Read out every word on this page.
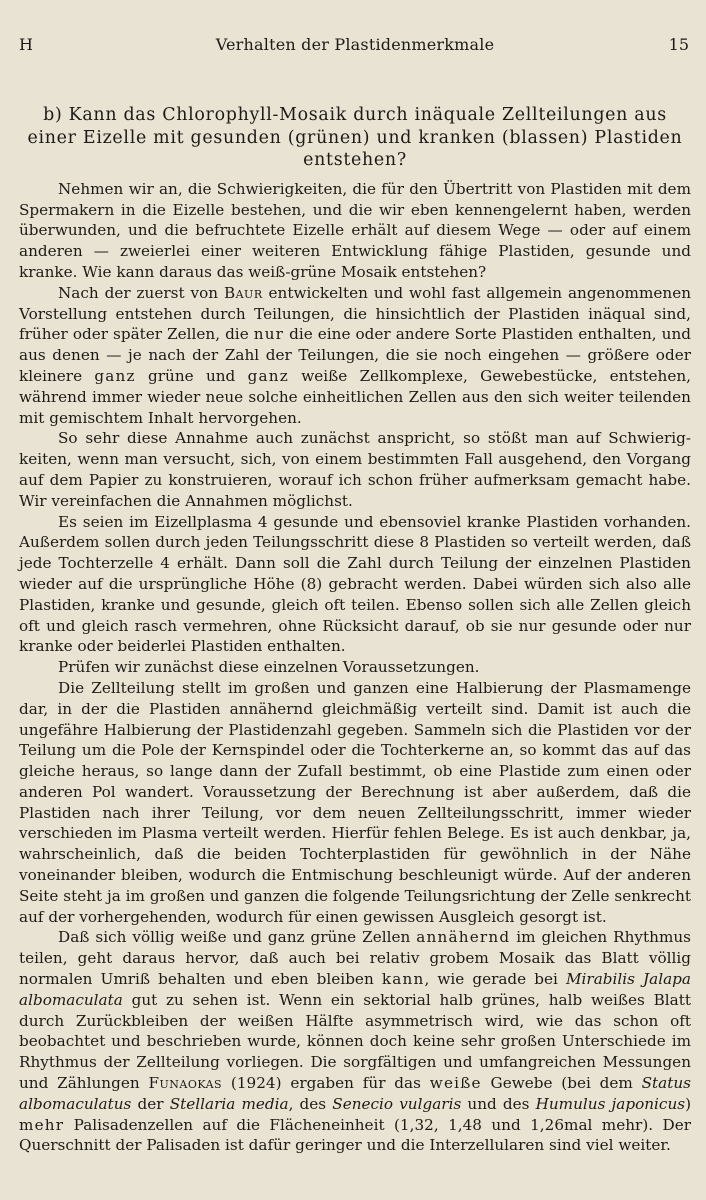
H	Verhalten der Plastidenmerkmale	15
b) Kann das Chlorophyll-Mosaik durch inäquale Zellteilungen aus einer Eizelle mit gesunden (grünen) und kranken (blassen) Plastiden entstehen?

Nehmen wir an, die Schwierigkeiten, die für den Übertritt von Plastiden mit dem Spermakern in die Eizelle bestehen, und die wir eben kennengelernt haben, werden überwunden, und die befruchtete Eizelle erhält auf diesem Wege — oder auf einem anderen — zweierlei einer weiteren Entwicklung fähige Plastiden, gesunde und kranke. Wie kann daraus das weiß-grüne Mosaik entstehen?

Nach der zuerst von Baur entwickelten und wohl fast allgemein angenommenen Vorstellung entstehen durch Teilungen, die hinsichtlich der Plastiden inäqual sind, früher oder später Zellen, die nur die eine oder andere Sorte Plastiden enthalten, und aus denen — je nach der Zahl der Teilungen, die sie noch eingehen — größere oder kleinere ganz grüne und ganz weiße Zellkomplexe, Gewebestücke, entstehen, während immer wieder neue solche einheitlichen Zellen aus den sich weiter teilenden mit gemischtem Inhalt hervorgehen.

So sehr diese Annahme auch zunächst anspricht, so stößt man auf Schwierigkeiten, wenn man versucht, sich, von einem bestimmten Fall ausgehend, den Vorgang auf dem Papier zu konstruieren, worauf ich schon früher aufmerksam gemacht habe. Wir vereinfachen die Annahmen möglichst.

Es seien im Eizellplasma 4 gesunde und ebensoviel kranke Plastiden vorhanden. Außerdem sollen durch jeden Teilungsschritt diese 8 Plastiden so verteilt werden, daß jede Tochterzelle 4 erhält. Dann soll die Zahl durch Teilung der einzelnen Plastiden wieder auf die ursprüngliche Höhe (8) gebracht werden. Dabei würden sich also alle Plastiden, kranke und gesunde, gleich oft teilen. Ebenso sollen sich alle Zellen gleich oft und gleich rasch vermehren, ohne Rücksicht darauf, ob sie nur gesunde oder nur kranke oder beiderlei Plastiden enthalten.

Prüfen wir zunächst diese einzelnen Voraussetzungen.

Die Zellteilung stellt im großen und ganzen eine Halbierung der Plasmamenge dar, in der die Plastiden annähernd gleichmäßig verteilt sind. Damit ist auch die ungefähre Halbierung der Plastidenzahl gegeben. Sammeln sich die Plastiden vor der Teilung um die Pole der Kernspindel oder die Tochterkerne an, so kommt das auf das gleiche heraus, so lange dann der Zufall bestimmt, ob eine Plastide zum einen oder anderen Pol wandert. Voraussetzung der Berechnung ist aber außerdem, daß die Plastiden nach ihrer Teilung, vor dem neuen Zellteilungsschritt, immer wieder verschieden im Plasma verteilt werden. Hierfür fehlen Belege. Es ist auch denkbar, ja, wahrscheinlich, daß die beiden Tochterplastiden für gewöhnlich in der Nähe voneinander bleiben, wodurch die Entmischung beschleunigt würde. Auf der anderen Seite steht ja im großen und ganzen die folgende Teilungsrichtung der Zelle senkrecht auf der vorhergehenden, wodurch für einen gewissen Ausgleich gesorgt ist.

Daß sich völlig weiße und ganz grüne Zellen annähernd im gleichen Rhythmus teilen, geht daraus hervor, daß auch bei relativ grobem Mosaik das Blatt völlig normalen Umriß behalten und eben bleiben kann, wie gerade bei Mirabilis Jalapa albomaculata gut zu sehen ist. Wenn ein sektorial halb grünes, halb weißes Blatt durch Zurückbleiben der weißen Hälfte asymmetrisch wird, wie das schon oft beobachtet und beschrieben wurde, können doch keine sehr großen Unterschiede im Rhythmus der Zellteilung vorliegen. Die sorgfältigen und umfangreichen Messungen und Zählungen Funaokas (1924) ergaben für das weiße Gewebe (bei dem Status albomaculatus der Stellaria media, des Senecio vulgaris und des Humulus japonicus) mehr Palisadenzellen auf die Flächeneinheit (1,32, 1,48 und 1,26mal mehr). Der Querschnitt der Palisaden ist dafür geringer und die Interzellularen sind viel weiter.
